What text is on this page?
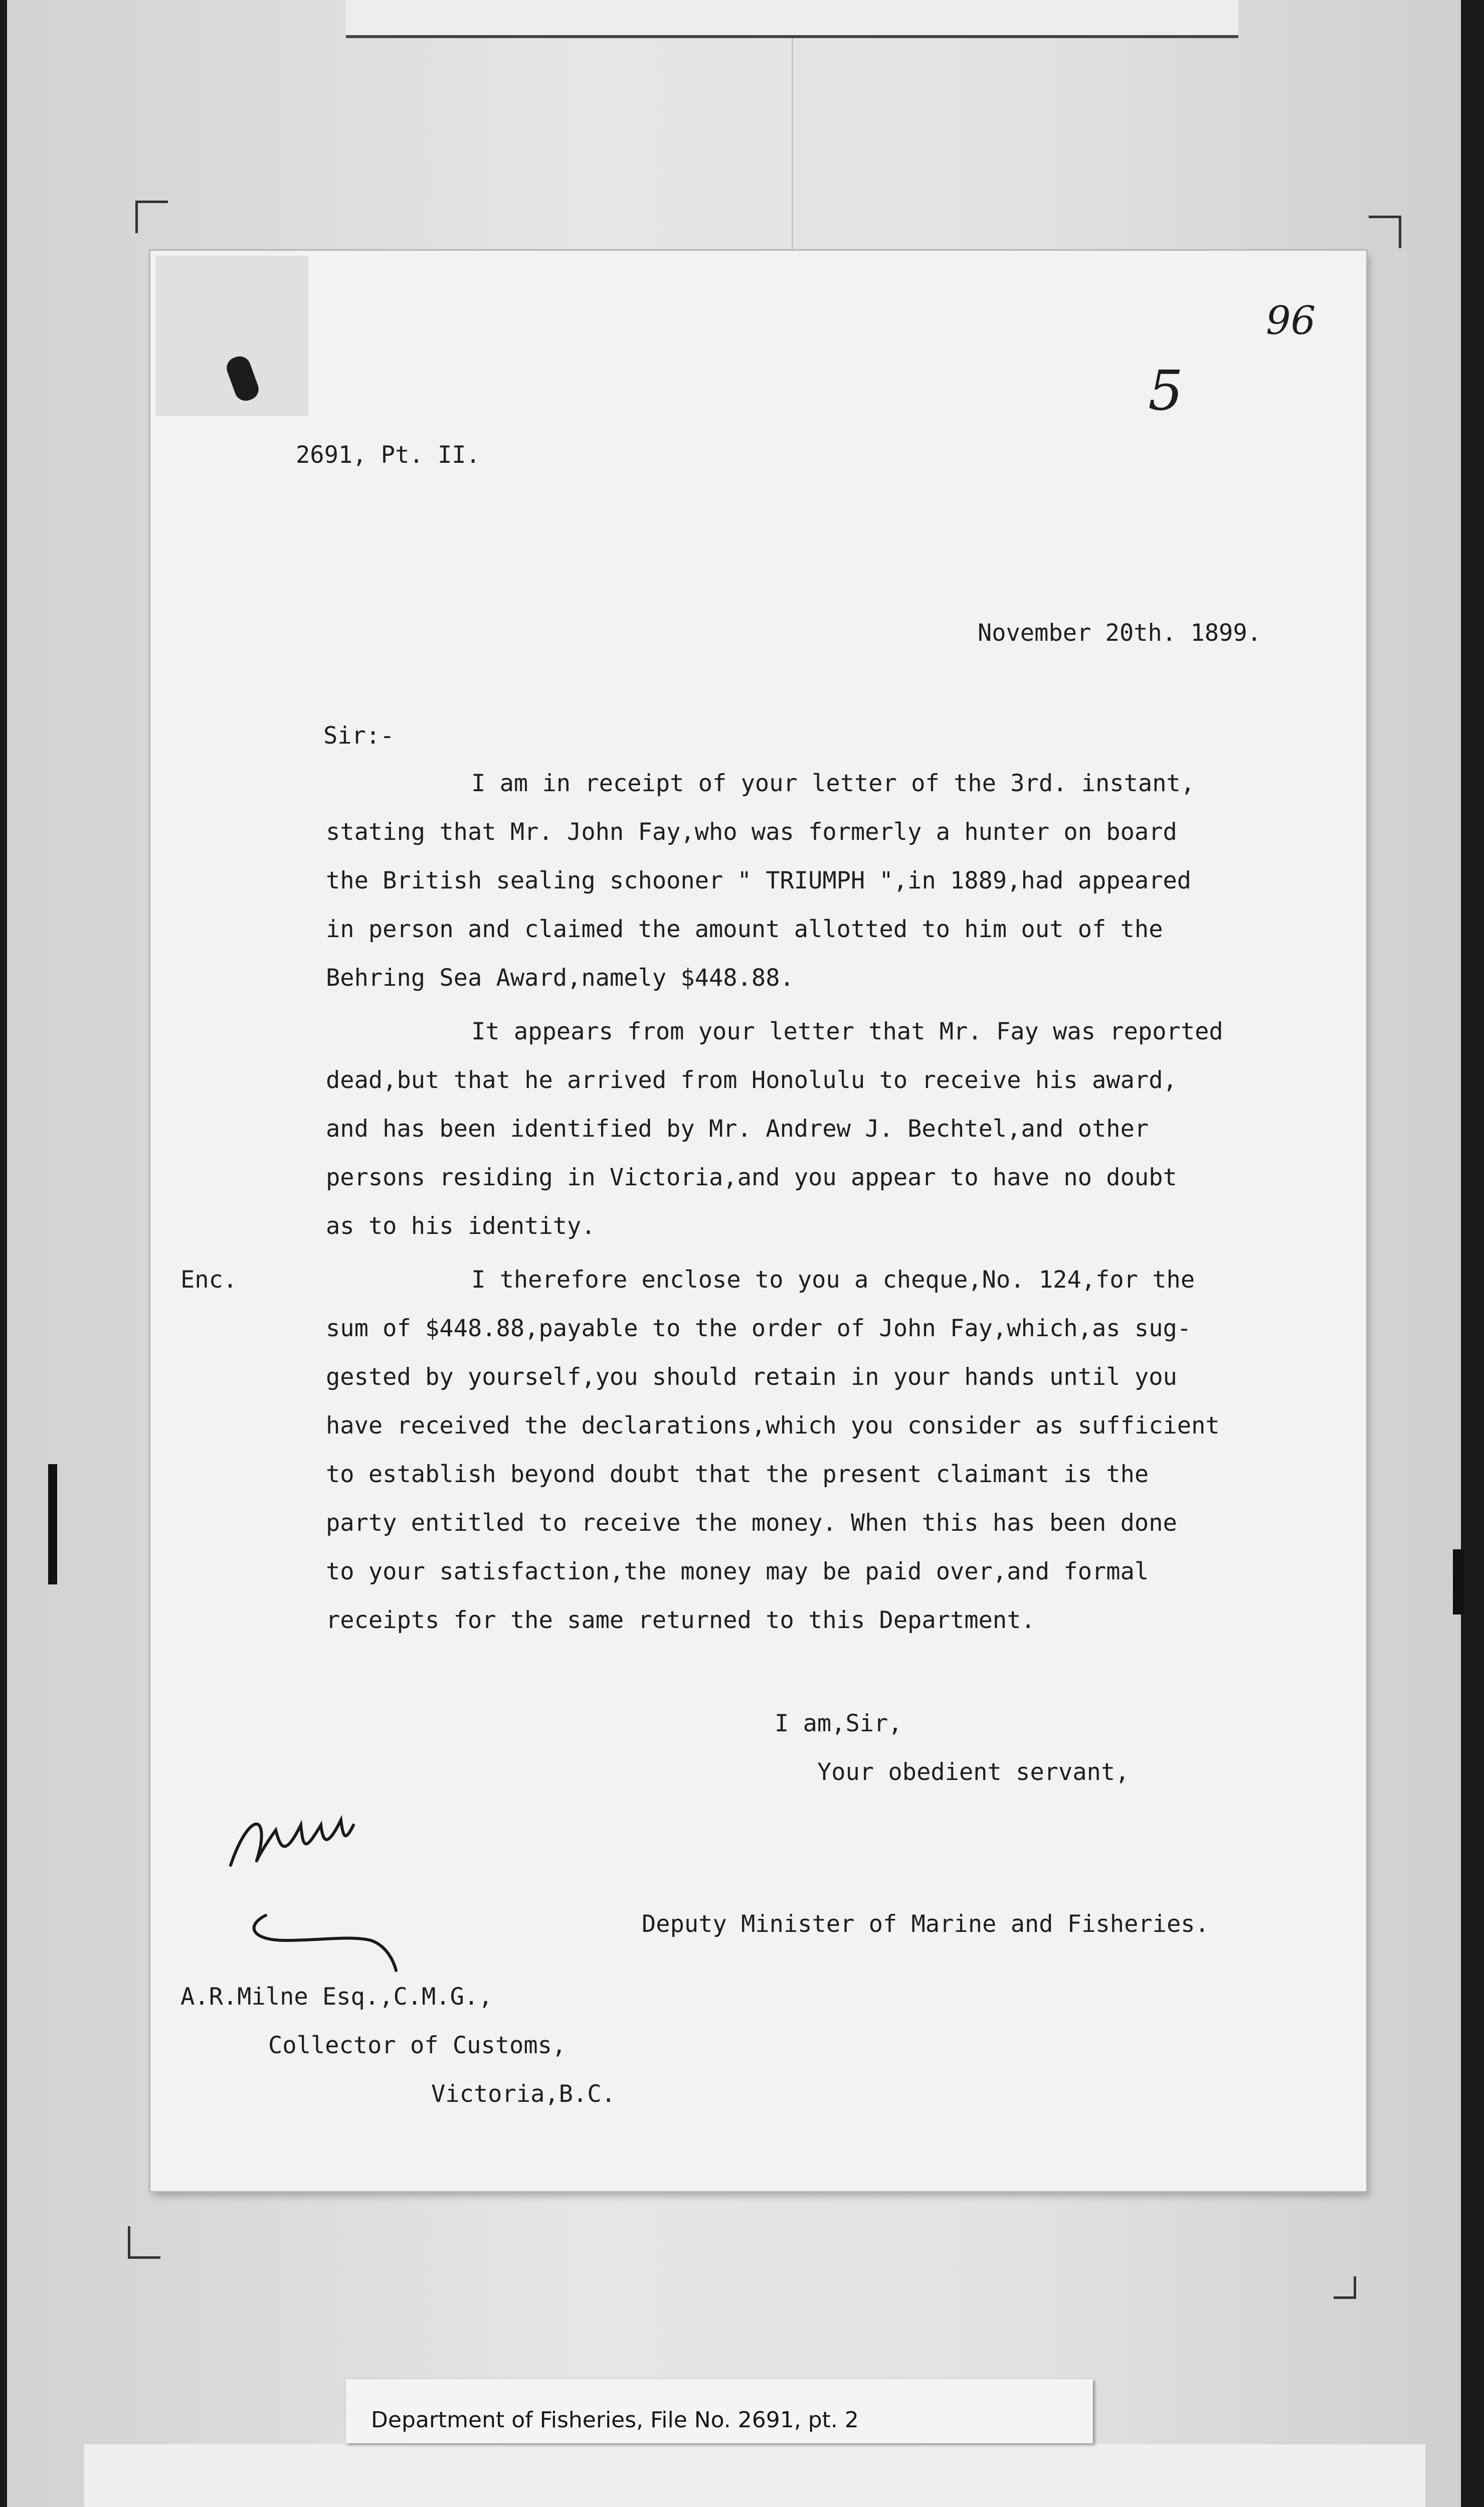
96
5
2691, Pt. II.
November 20th. 1899.
Sir:-
I am in receipt of your letter of the 3rd. instant,
stating that Mr. John Fay,who was formerly a hunter on board
the British sealing schooner " TRIUMPH ",in 1889,had appeared
in person and claimed the amount allotted to him out of the
Behring Sea Award,namely $448.88.
It appears from your letter that Mr. Fay was reported
dead,but that he arrived from Honolulu to receive his award,
and has been identified by Mr. Andrew J. Bechtel,and other
persons residing in Victoria,and you appear to have no doubt
as to his identity.
Enc.	I therefore enclose to you a cheque,No. 124,for the
sum of $448.88,payable to the order of John Fay,which,as sug-
gested by yourself,you should retain in your hands until you
have received the declarations,which you consider as sufficient
to establish beyond doubt that the present claimant is the
party entitled to receive the money. When this has been done
to your satisfaction,the money may be paid over,and formal
receipts for the same returned to this Department.
I am,Sir,
Your obedient servant,
Deputy Minister of Marine and Fisheries.
A.R.Milne Esq.,C.M.G.,
Collector of Customs,
Victoria,B.C.
Department of Fisheries, File No. 2691, pt. 2
